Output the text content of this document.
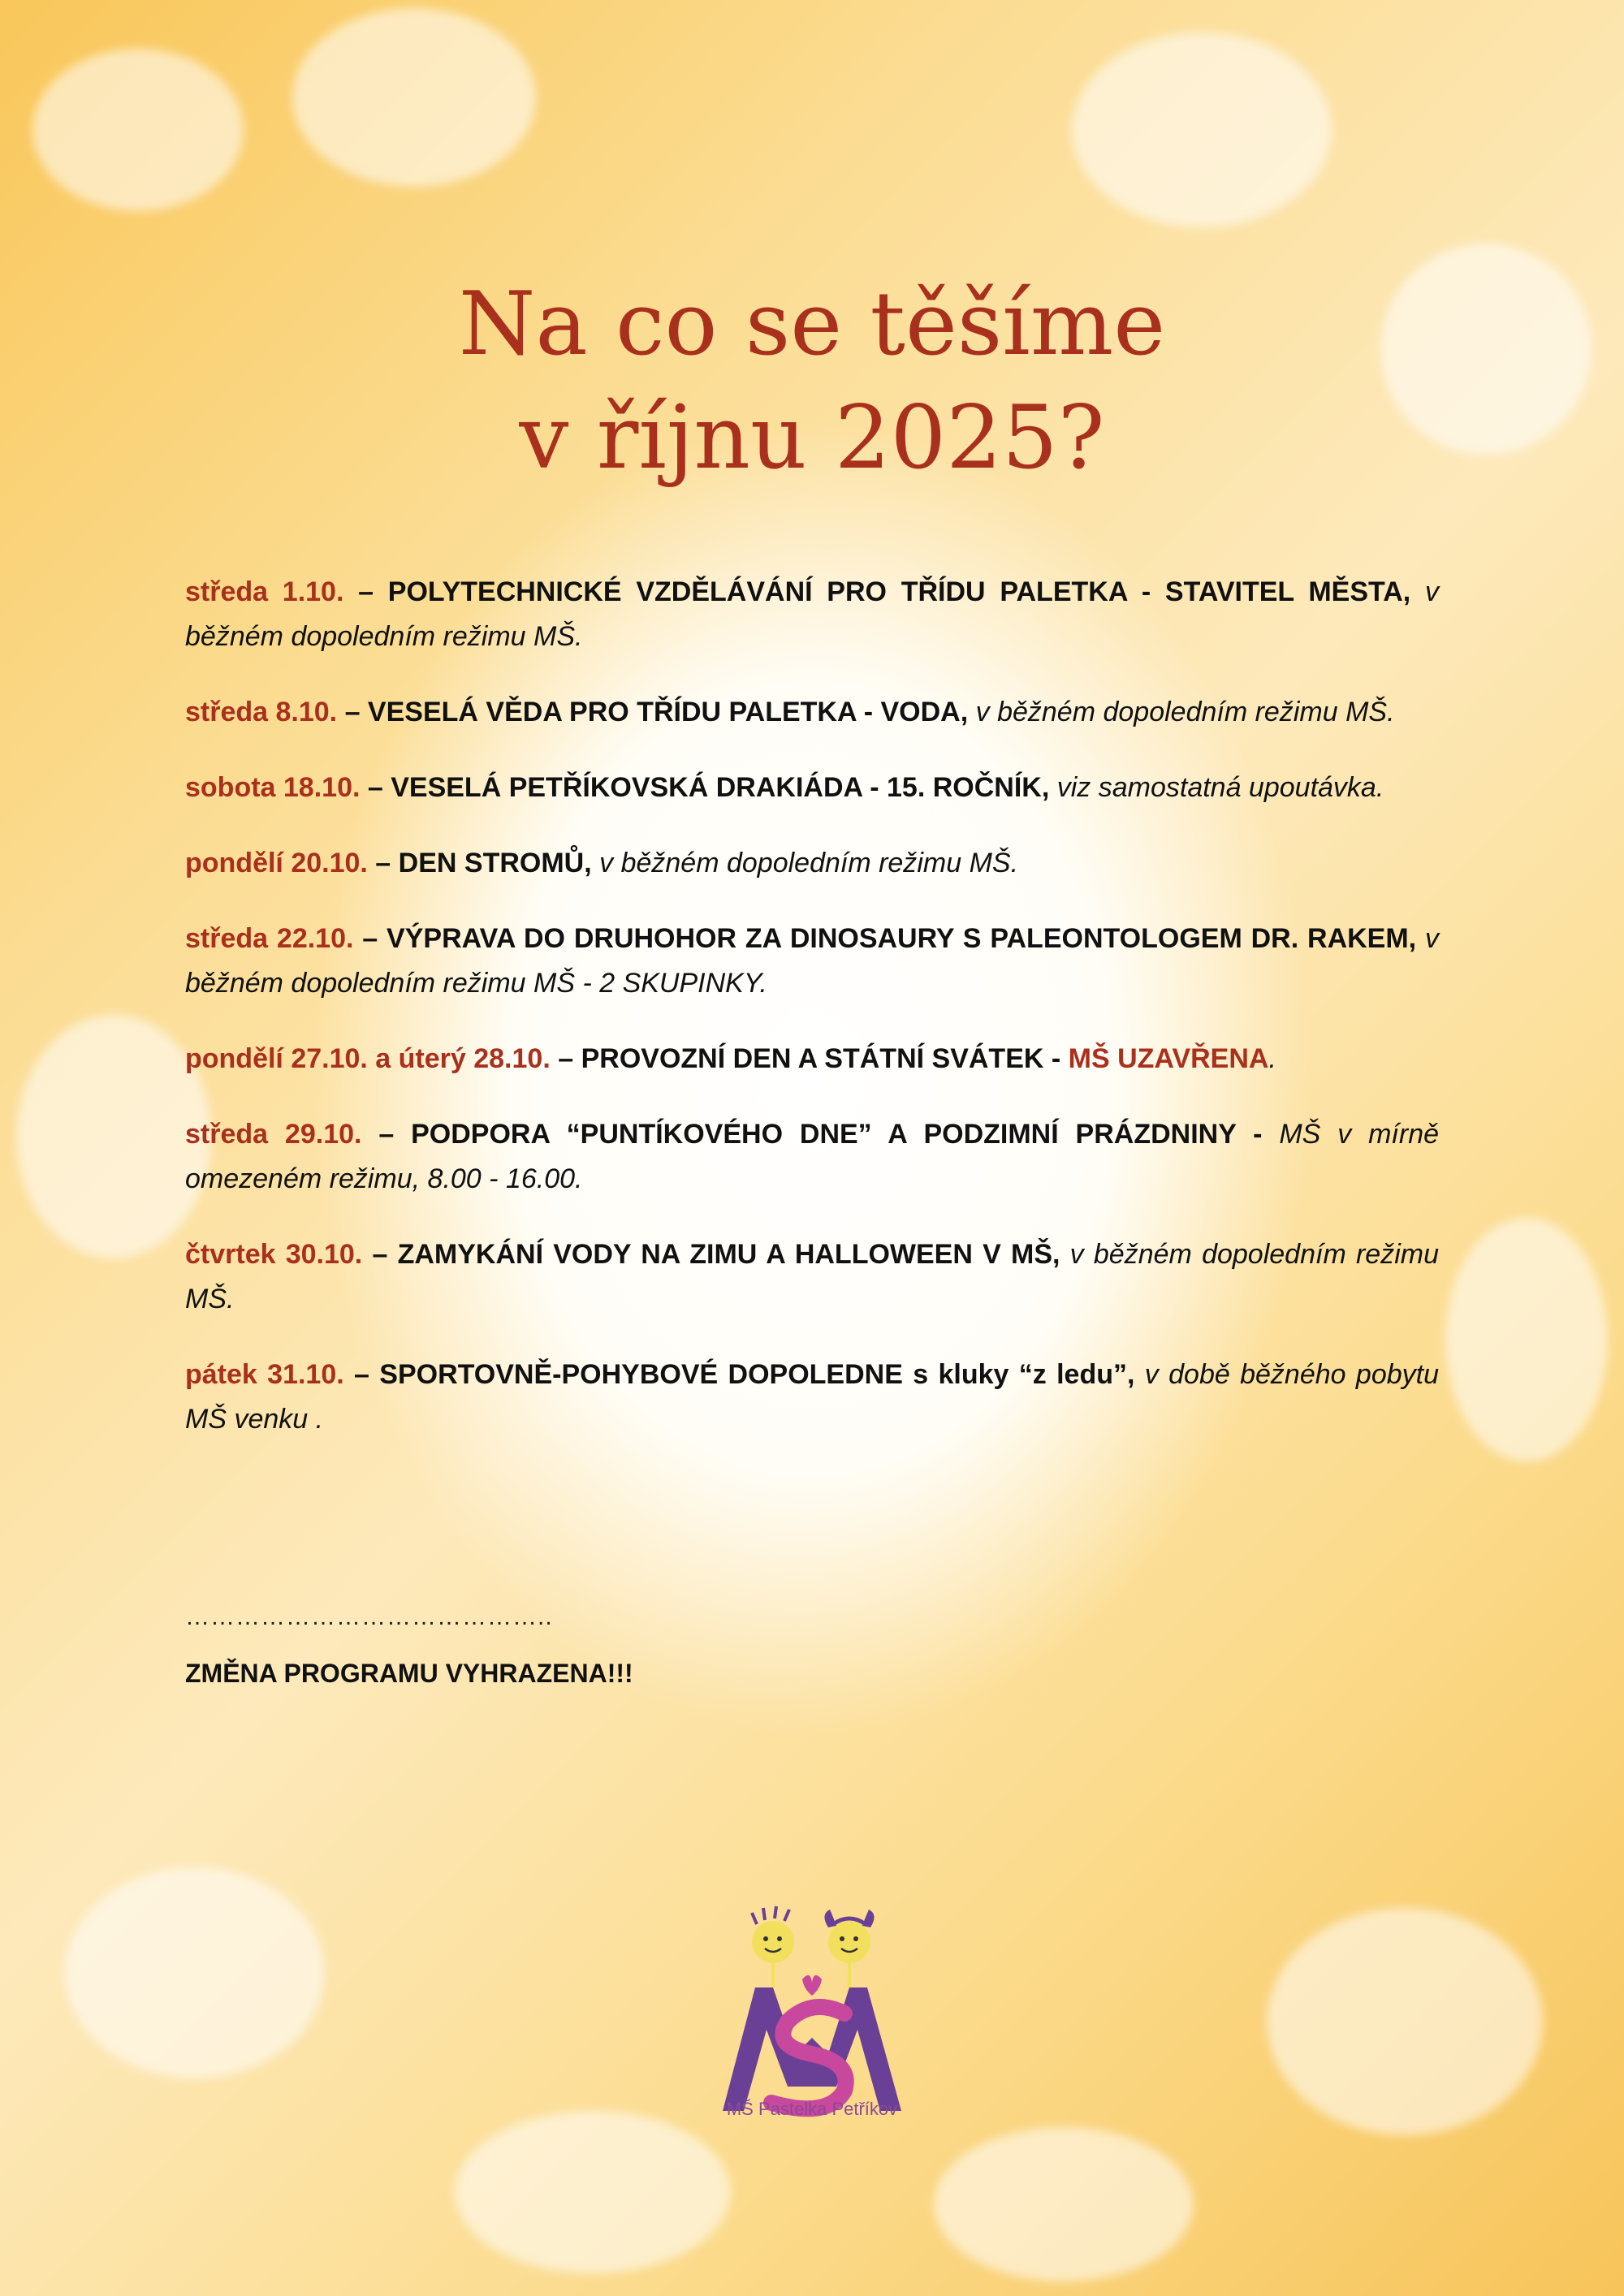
Na co se těšíme
v říjnu 2025?

středa 1.10. – POLYTECHNICKÉ VZDĚLÁVÁNÍ PRO TŘÍDU PALETKA - STAVITEL MĚSTA, v běžném dopoledním režimu MŠ.

středa 8.10. – VESELÁ VĚDA PRO TŘÍDU PALETKA - VODA, v běžném dopoledním režimu MŠ.

sobota 18.10. – VESELÁ PETŘÍKOVSKÁ DRAKIÁDA - 15. ROČNÍK, viz samostatná upoutávka.

pondělí 20.10. – DEN STROMŮ, v běžném dopoledním režimu MŠ.

středa 22.10. – VÝPRAVA DO DRUHOHOR ZA DINOSAURY S PALEONTOLOGEM DR. RAKEM, v běžném dopoledním režimu MŠ - 2 SKUPINKY.

pondělí 27.10. a úterý 28.10. – PROVOZNÍ DEN A STÁTNÍ SVÁTEK - MŠ UZAVŘENA.

středa 29.10. – PODPORA “PUNTÍKOVÉHO DNE” A PODZIMNÍ PRÁZDNINY - MŠ v mírně omezeném režimu, 8.00 - 16.00.

čtvrtek 30.10. – ZAMYKÁNÍ VODY NA ZIMU A HALLOWEEN V MŠ, v běžném dopoledním režimu MŠ.

pátek 31.10. – SPORTOVNĚ-POHYBOVÉ DOPOLEDNE s kluky “z ledu”, v době běžného pobytu MŠ venku .

……………………………………..
ZMĚNA PROGRAMU VYHRAZENA!!!
MŠ Pastelka Petříkov
